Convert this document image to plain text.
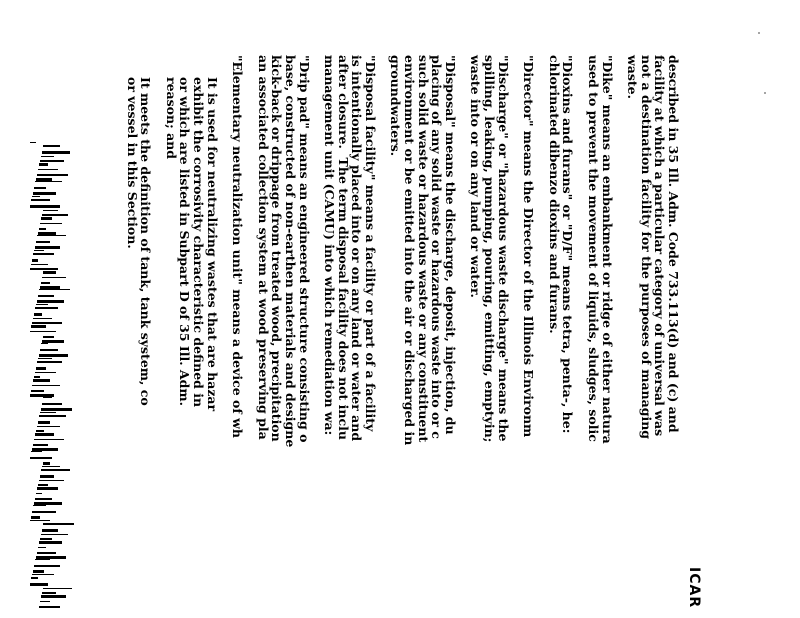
ICAR

described in 35 Ill. Adm. Code 733.113(d) and (c) and
facility at which a particular category of universal was
not a destination facility for the purposes of managing
waste.

"Dike" means an embankment or ridge of either natura
used to prevent the movement of liquids, sludges, solic

"Dioxins and furans" or "D/F" means tetra, penta-, he:
chlorinated dibenzo dioxins and furans.

"Director" means the Director of the Illinois Environm

"Discharge" or "hazardous waste discharge" means the
spilling, leaking, pumping, pouring, emitting, emptyin;
waste into or on any land or water.

"Disposal" means the discharge, deposit, injection, du
placing of any solid waste or hazardous waste into or c
such solid waste or hazardous waste or any constituent
environment or be emitted into the air or discharged in
groundwaters.

"Disposal facility" means a facility or part of a facility
is intentionally placed into or on any land or water and
after closure.  The term disposal facility does not inclu
management unit (CAMU) into which remediation wa:

"Drip pad" means an engineered structure consisting o
base, constructed of non-earthen materials and designe
kick-back or drippage from treated wood, precipitation
an associated collection system at wood preserving pla

"Elementary neutralization unit" means a device of wh

It is used for neutralizing wastes that are hazar
exhibit the corrosivity characteristic defined in
or which are listed in Subpart D of 35 Ill. Adm.
reason; and

It meets the definition of tank, tank system, co
or vessel in this Section.
